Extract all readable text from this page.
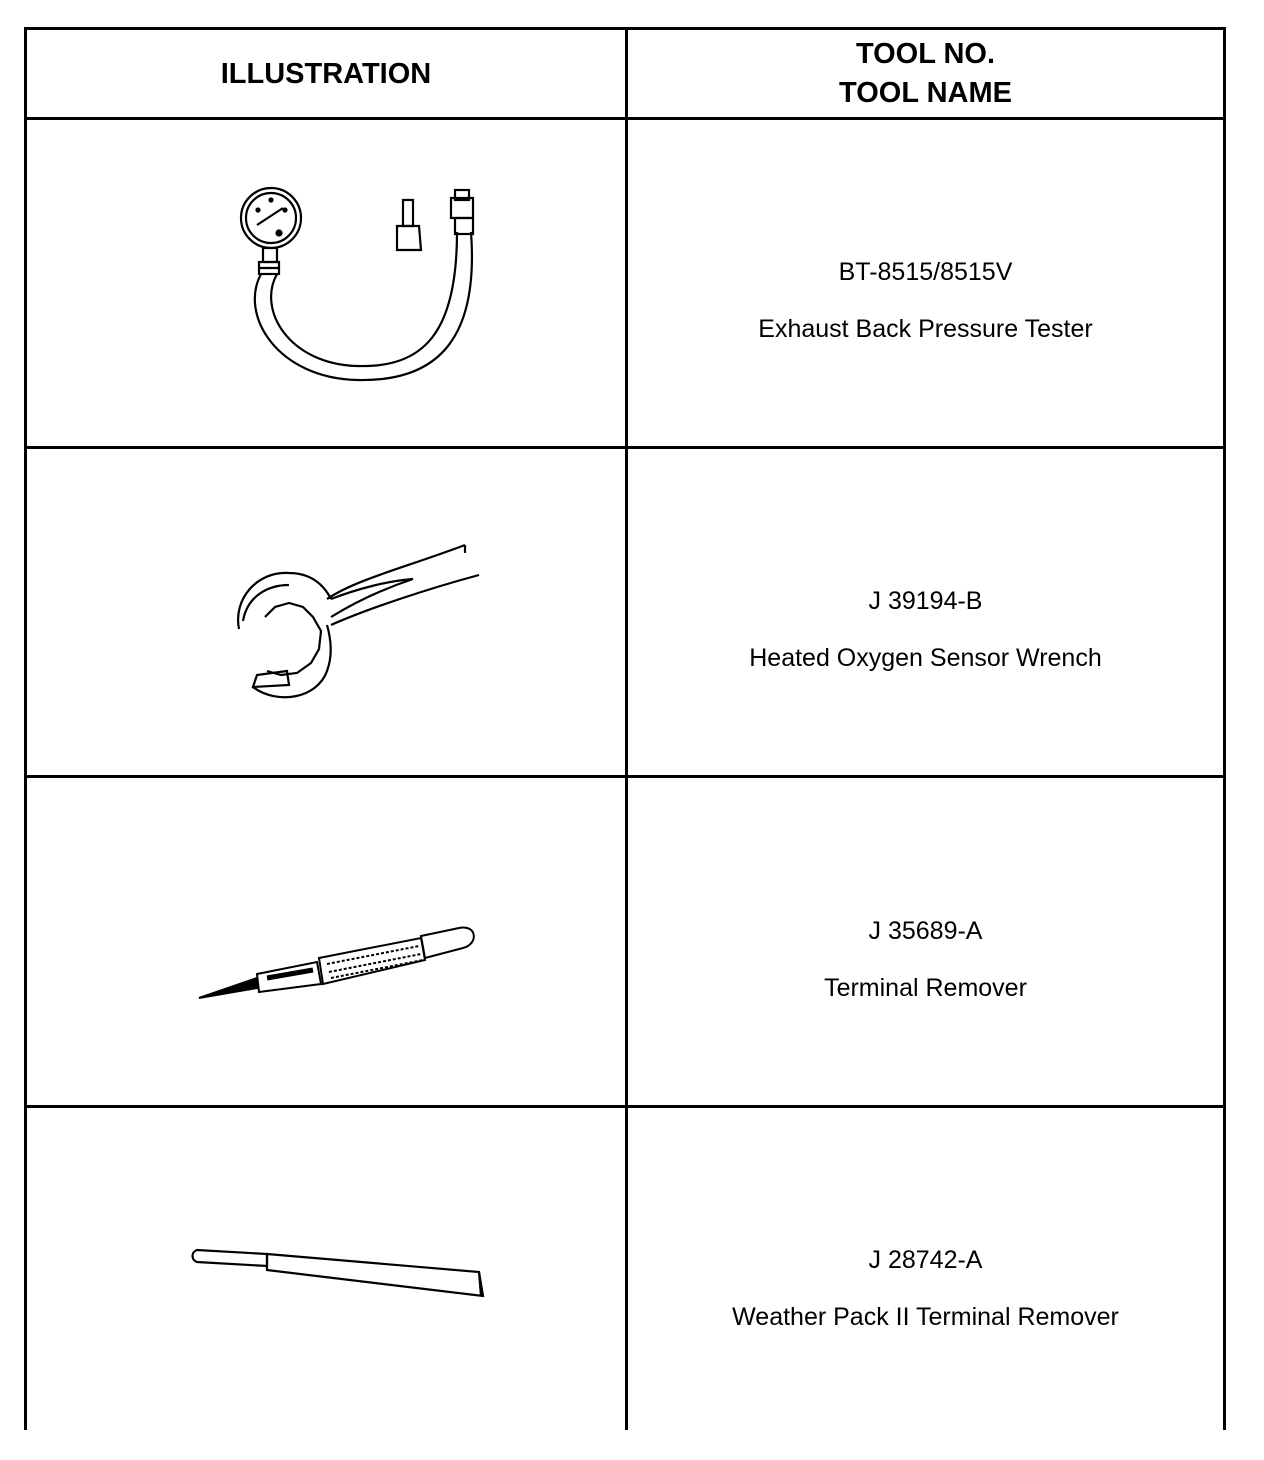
ILLUSTRATION
TOOL NO.
TOOL NAME
BT-8515/8515V
Exhaust Back Pressure Tester
J 39194-B
Heated Oxygen Sensor Wrench
J 35689-A
Terminal Remover
J 28742-A
Weather Pack II Terminal Remover
